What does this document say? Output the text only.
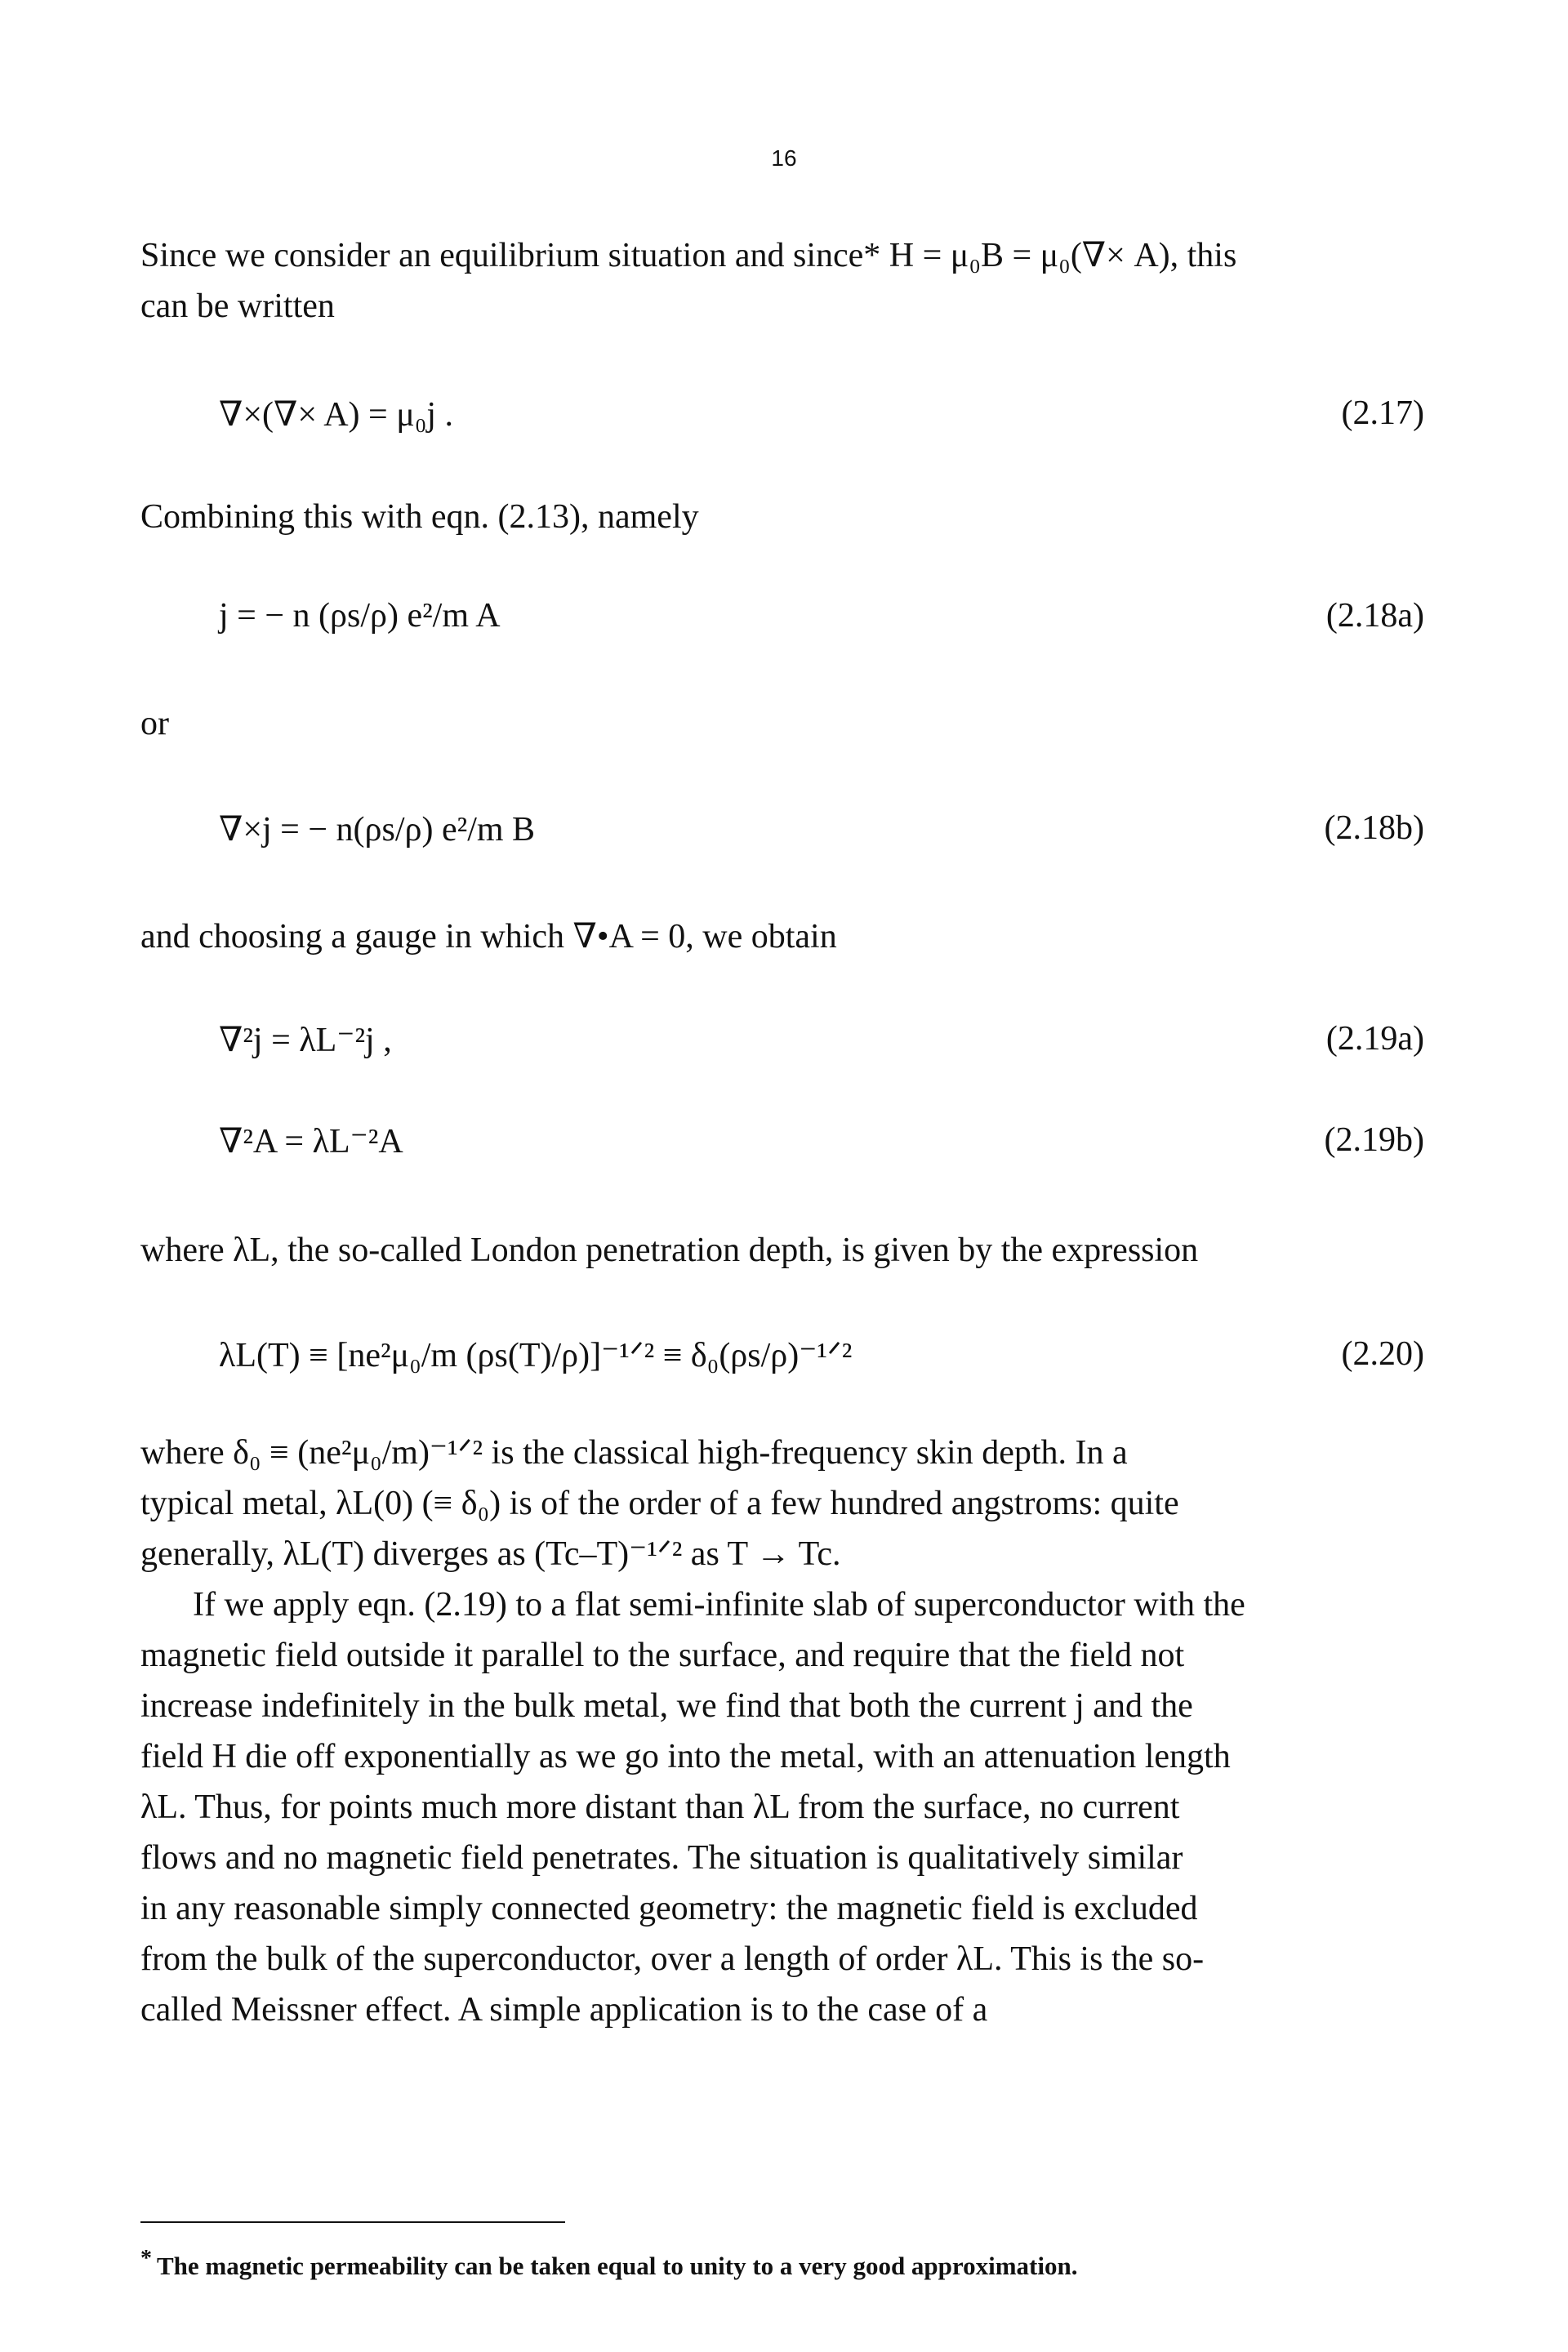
16

Since we consider an equilibrium situation and since* H = μ₀B = μ₀(∇× A), this
can be written

∇×(∇× A) = μ₀j .	(2.17)

Combining this with eqn. (2.13), namely

j = − n (ρs/ρ) e²/m A	(2.18a)
or
∇×j = − n(ρs/ρ) e²/m B	(2.18b)

and choosing a gauge in which ∇•A = 0, we obtain

∇²j = λL⁻²j ,	(2.19a)
∇²A = λL⁻²A	(2.19b)

where λL, the so-called London penetration depth, is given by the expression

λL(T) ≡ [ne²μ₀/m (ρs(T)/ρ)]⁻¹ᐟ² ≡ δ₀(ρs/ρ)⁻¹ᐟ²	(2.20)

where δ₀ ≡ (ne²μ₀/m)⁻¹ᐟ² is the classical high-frequency skin depth. In a
typical metal, λL(0) (≡ δ₀) is of the order of a few hundred angstroms: quite
generally, λL(T) diverges as (Tc–T)⁻¹ᐟ² as T → Tc.

If we apply eqn. (2.19) to a flat semi-infinite slab of superconductor with the
magnetic field outside it parallel to the surface, and require that the field not
increase indefinitely in the bulk metal, we find that both the current j and the
field H die off exponentially as we go into the metal, with an attenuation length
λL. Thus, for points much more distant than λL from the surface, no current
flows and no magnetic field penetrates. The situation is qualitatively similar
in any reasonable simply connected geometry: the magnetic field is excluded
from the bulk of the superconductor, over a length of order λL. This is the so-
called Meissner effect. A simple application is to the case of a

* The magnetic permeability can be taken equal to unity to a very good approximation.
